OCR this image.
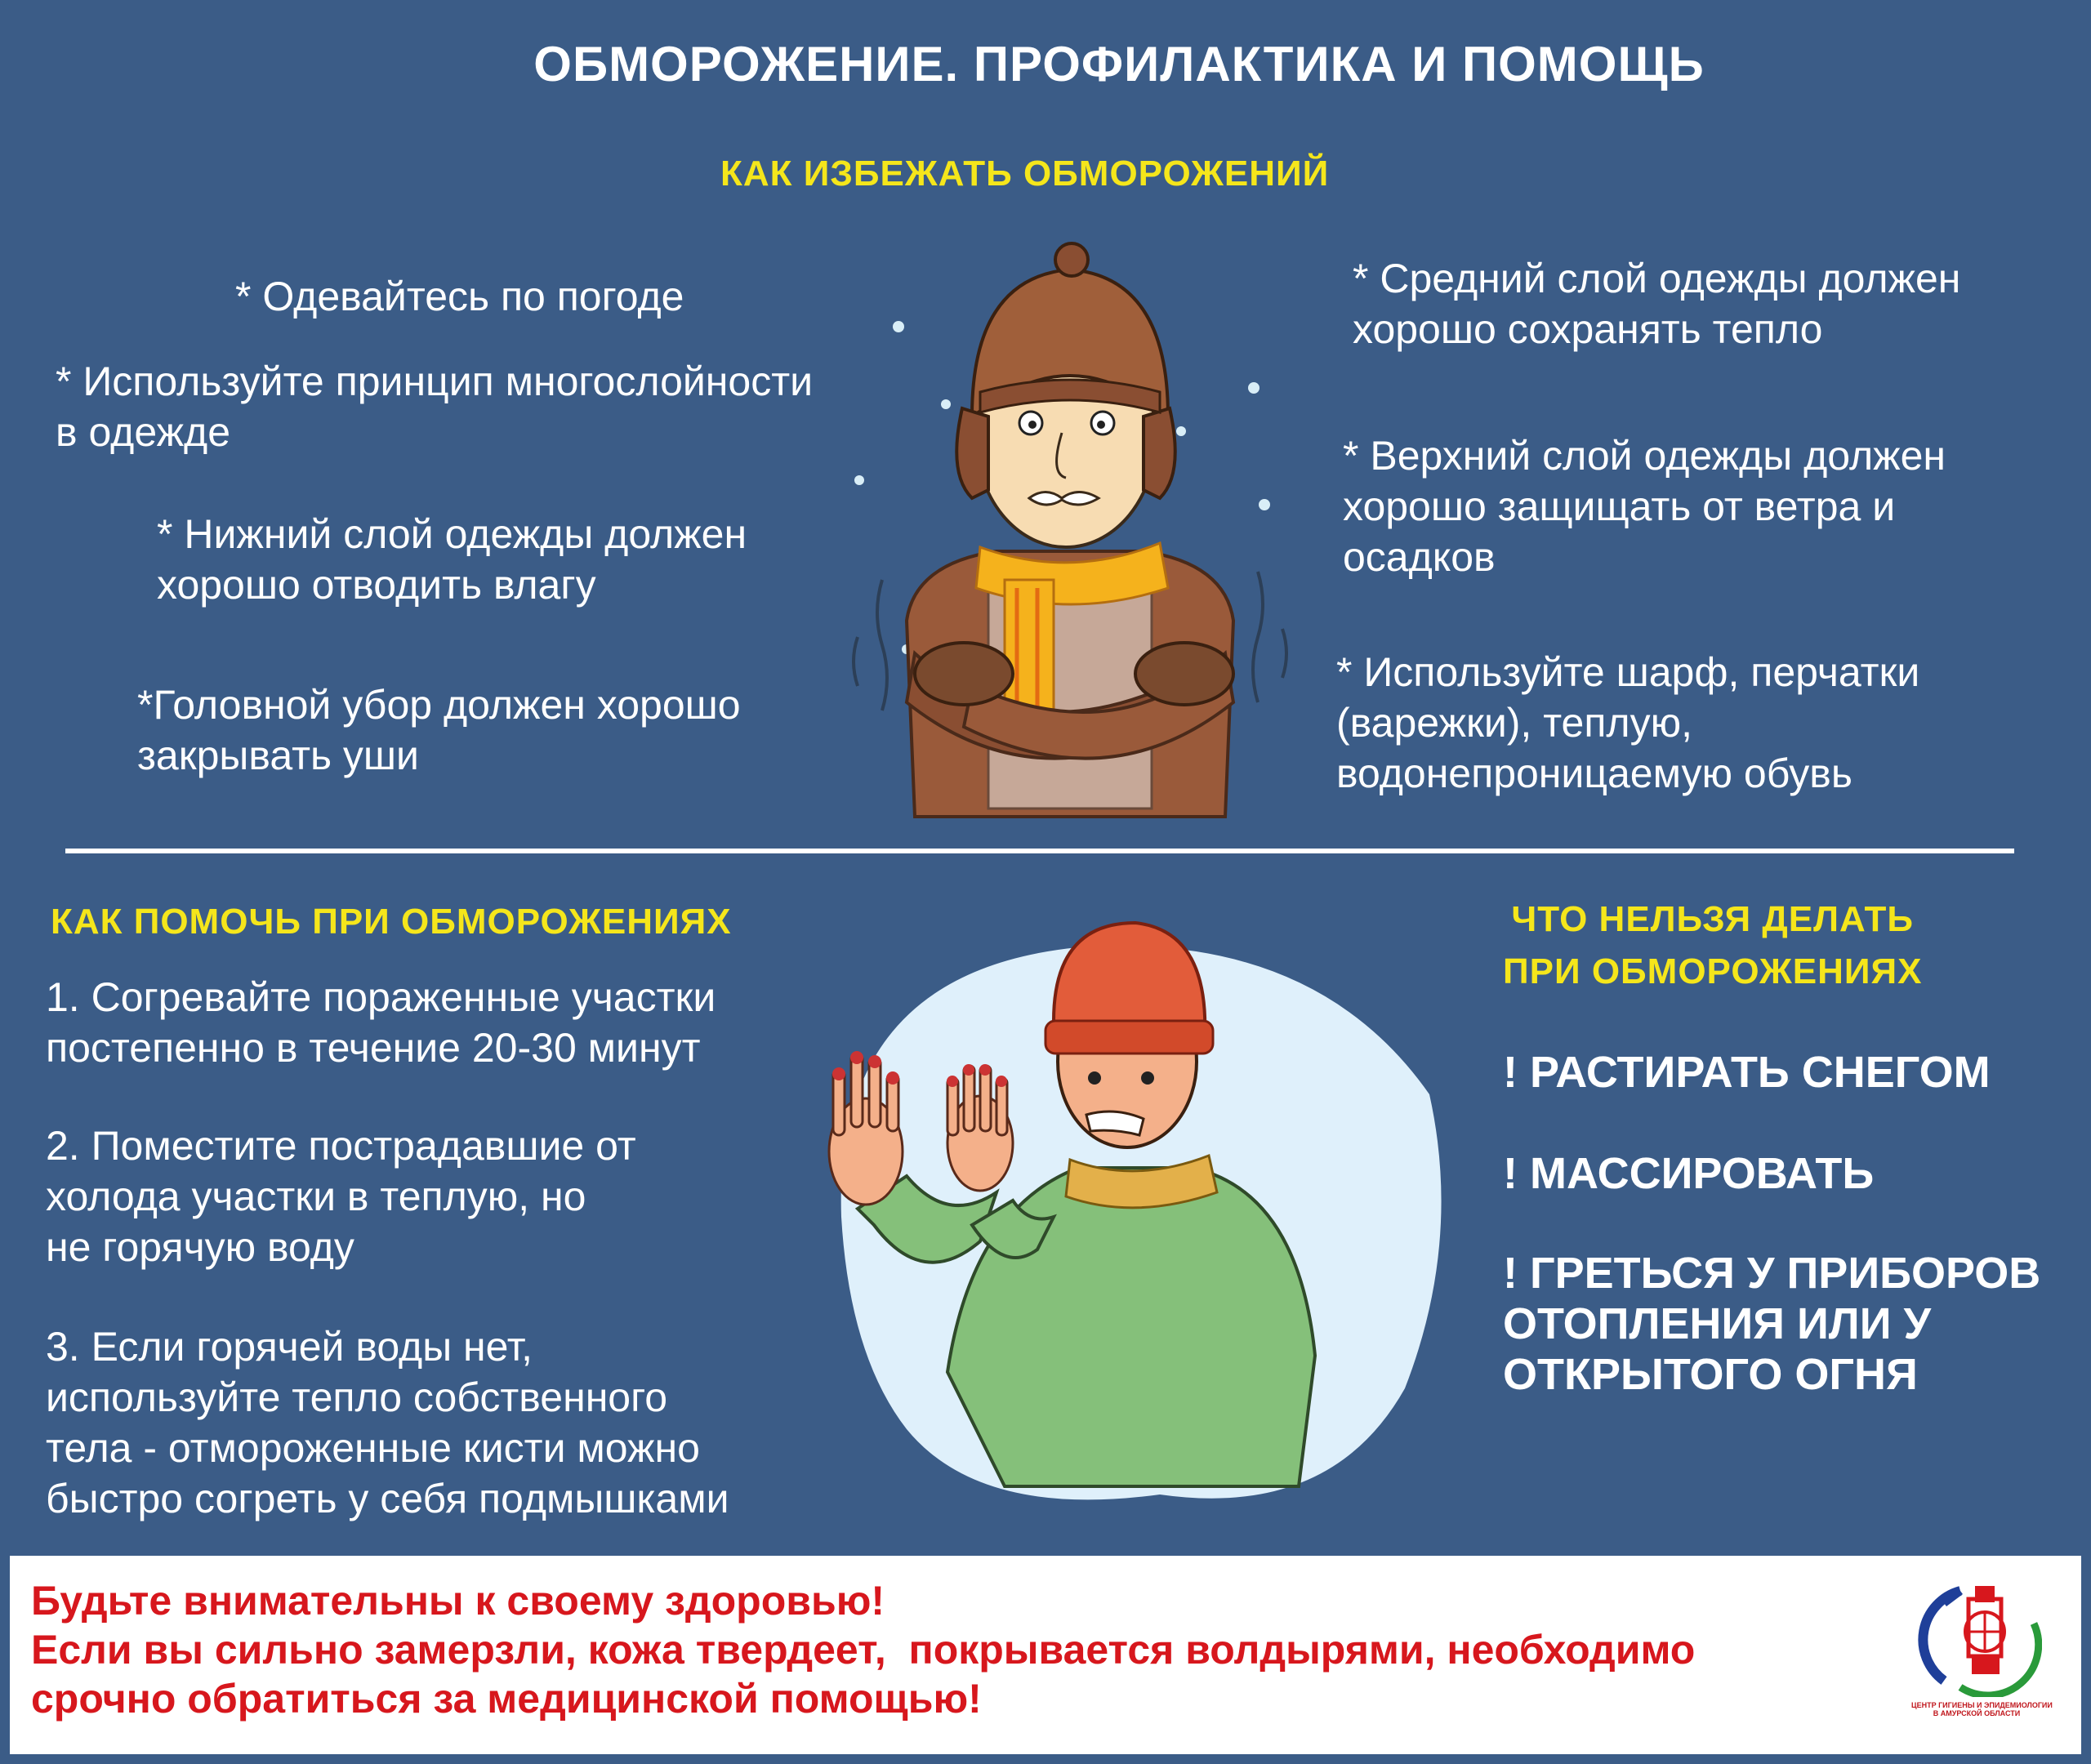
ОБМОРОЖЕНИЕ. ПРОФИЛАКТИКА И ПОМОЩЬ
КАК ИЗБЕЖАТЬ ОБМОРОЖЕНИЙ
* Одевайтесь по погоде
* Используйте принцип многослойности
в одежде
* Нижний слой одежды должен
хорошо отводить влагу
*Головной убор должен хорошо
закрывать уши
* Средний слой одежды должен
хорошо сохранять тепло
* Верхний слой одежды должен
хорошо защищать от ветра и
осадков
* Используйте шарф, перчатки
(варежки), теплую,
водонепроницаемую обувь
КАК ПОМОЧЬ ПРИ ОБМОРОЖЕНИЯХ
1. Согревайте пораженные участки
постепенно в течение 20-30 минут
2. Поместите пострадавшие от
холода участки в теплую, но
не горячую воду
3. Если горячей воды нет,
используйте тепло собственного
тела - отмороженные кисти можно
быстро согреть у себя подмышками
ЧТО НЕЛЬЗЯ ДЕЛАТЬ
ПРИ ОБМОРОЖЕНИЯХ
! РАСТИРАТЬ СНЕГОМ
! МАССИРОВАТЬ
! ГРЕТЬСЯ У ПРИБОРОВ
ОТОПЛЕНИЯ ИЛИ У
ОТКРЫТОГО ОГНЯ
Будьте внимательны к своему здоровью!
Если вы сильно замерзли, кожа твердеет,  покрывается волдырями, необходимо
срочно обратиться за медицинской помощью!	ЦЕНТР ГИГИЕНЫ И ЭПИДЕМИОЛОГИИ
В АМУРСКОЙ ОБЛАСТИ
